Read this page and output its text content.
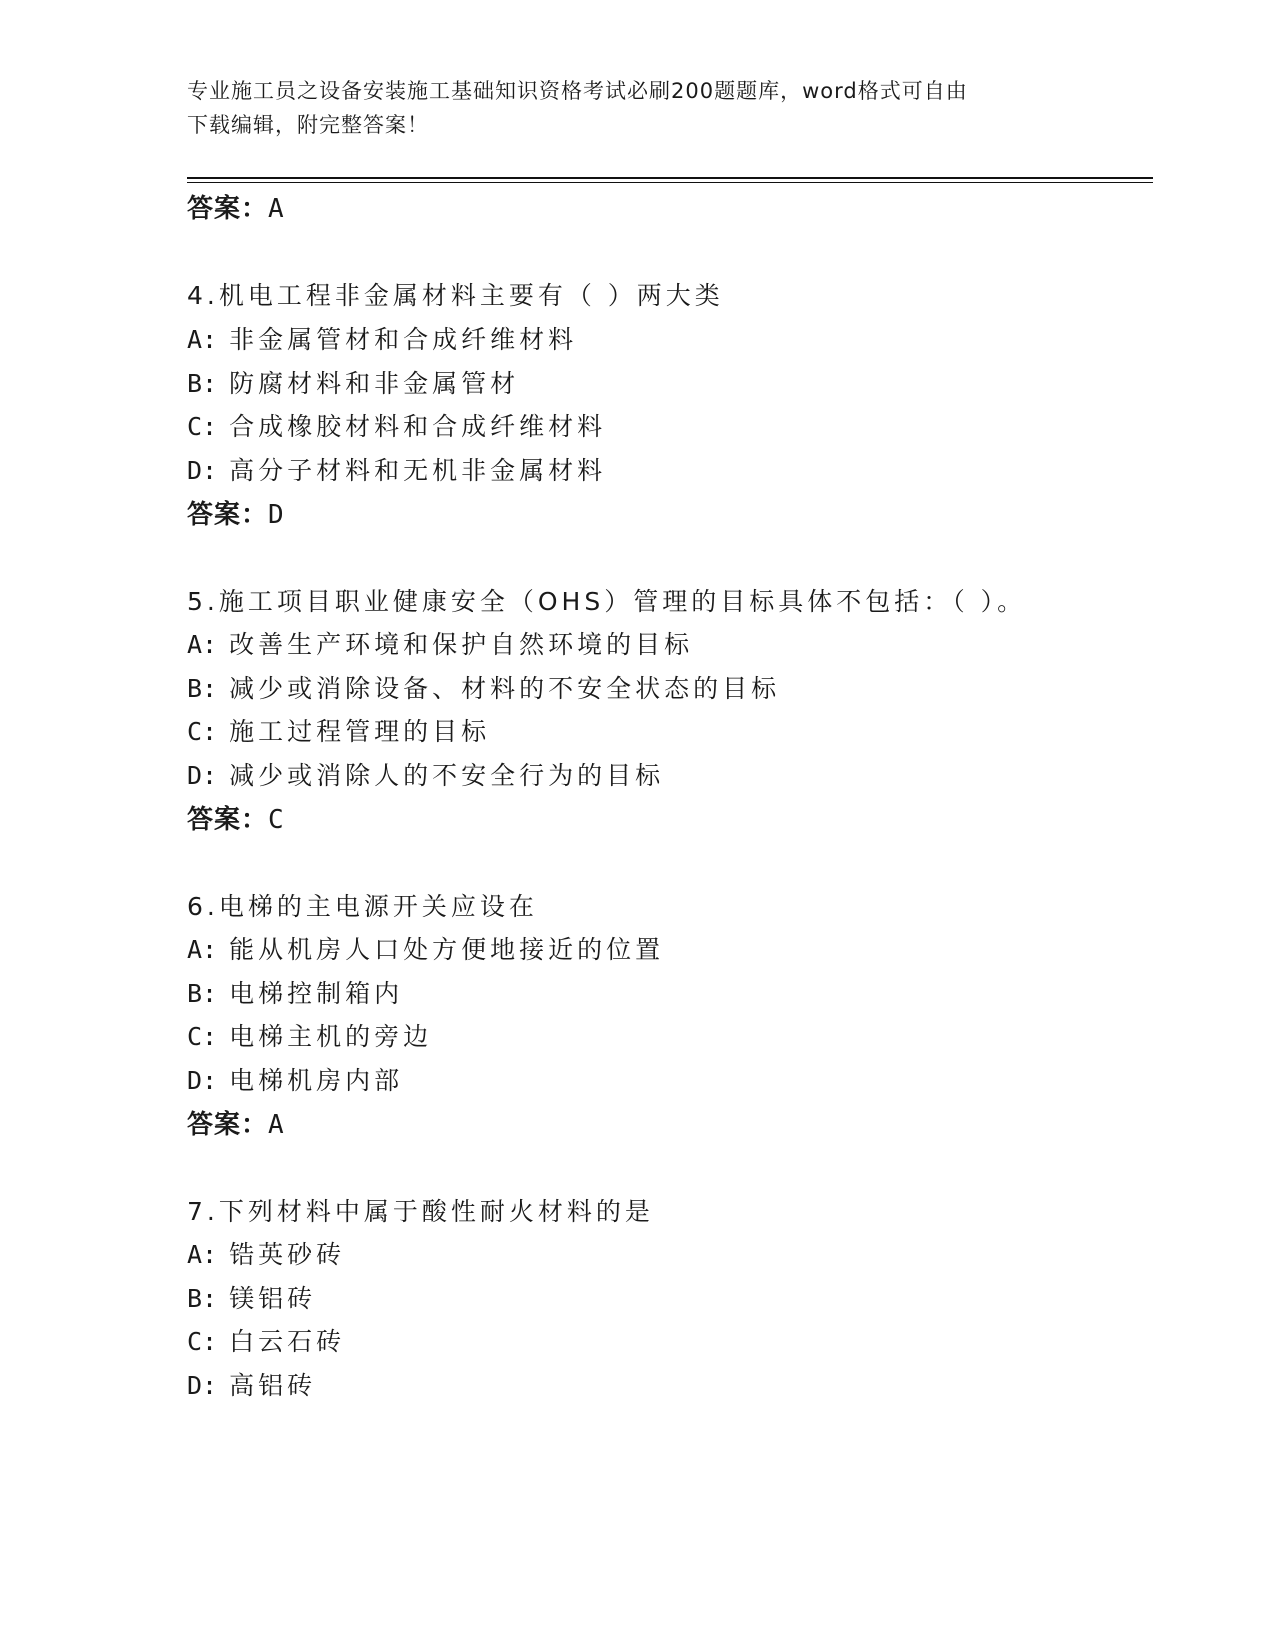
专业施工员之设备安装施工基础知识资格考试必刷200题题库，word格式可自由
下载编辑，附完整答案！
答案：A
4.机电工程非金属材料主要有（ ）两大类
A: 非金属管材和合成纤维材料
B: 防腐材料和非金属管材
C: 合成橡胶材料和合成纤维材料
D: 高分子材料和无机非金属材料
答案：D
5.施工项目职业健康安全（OHS）管理的目标具体不包括：（ ）。
A: 改善生产环境和保护自然环境的目标
B: 减少或消除设备、材料的不安全状态的目标
C: 施工过程管理的目标
D: 减少或消除人的不安全行为的目标
答案：C
6.电梯的主电源开关应设在
A: 能从机房人口处方便地接近的位置
B: 电梯控制箱内
C: 电梯主机的旁边
D: 电梯机房内部
答案：A
7.下列材料中属于酸性耐火材料的是
A: 锆英砂砖
B: 镁铝砖
C: 白云石砖
D: 高铝砖
